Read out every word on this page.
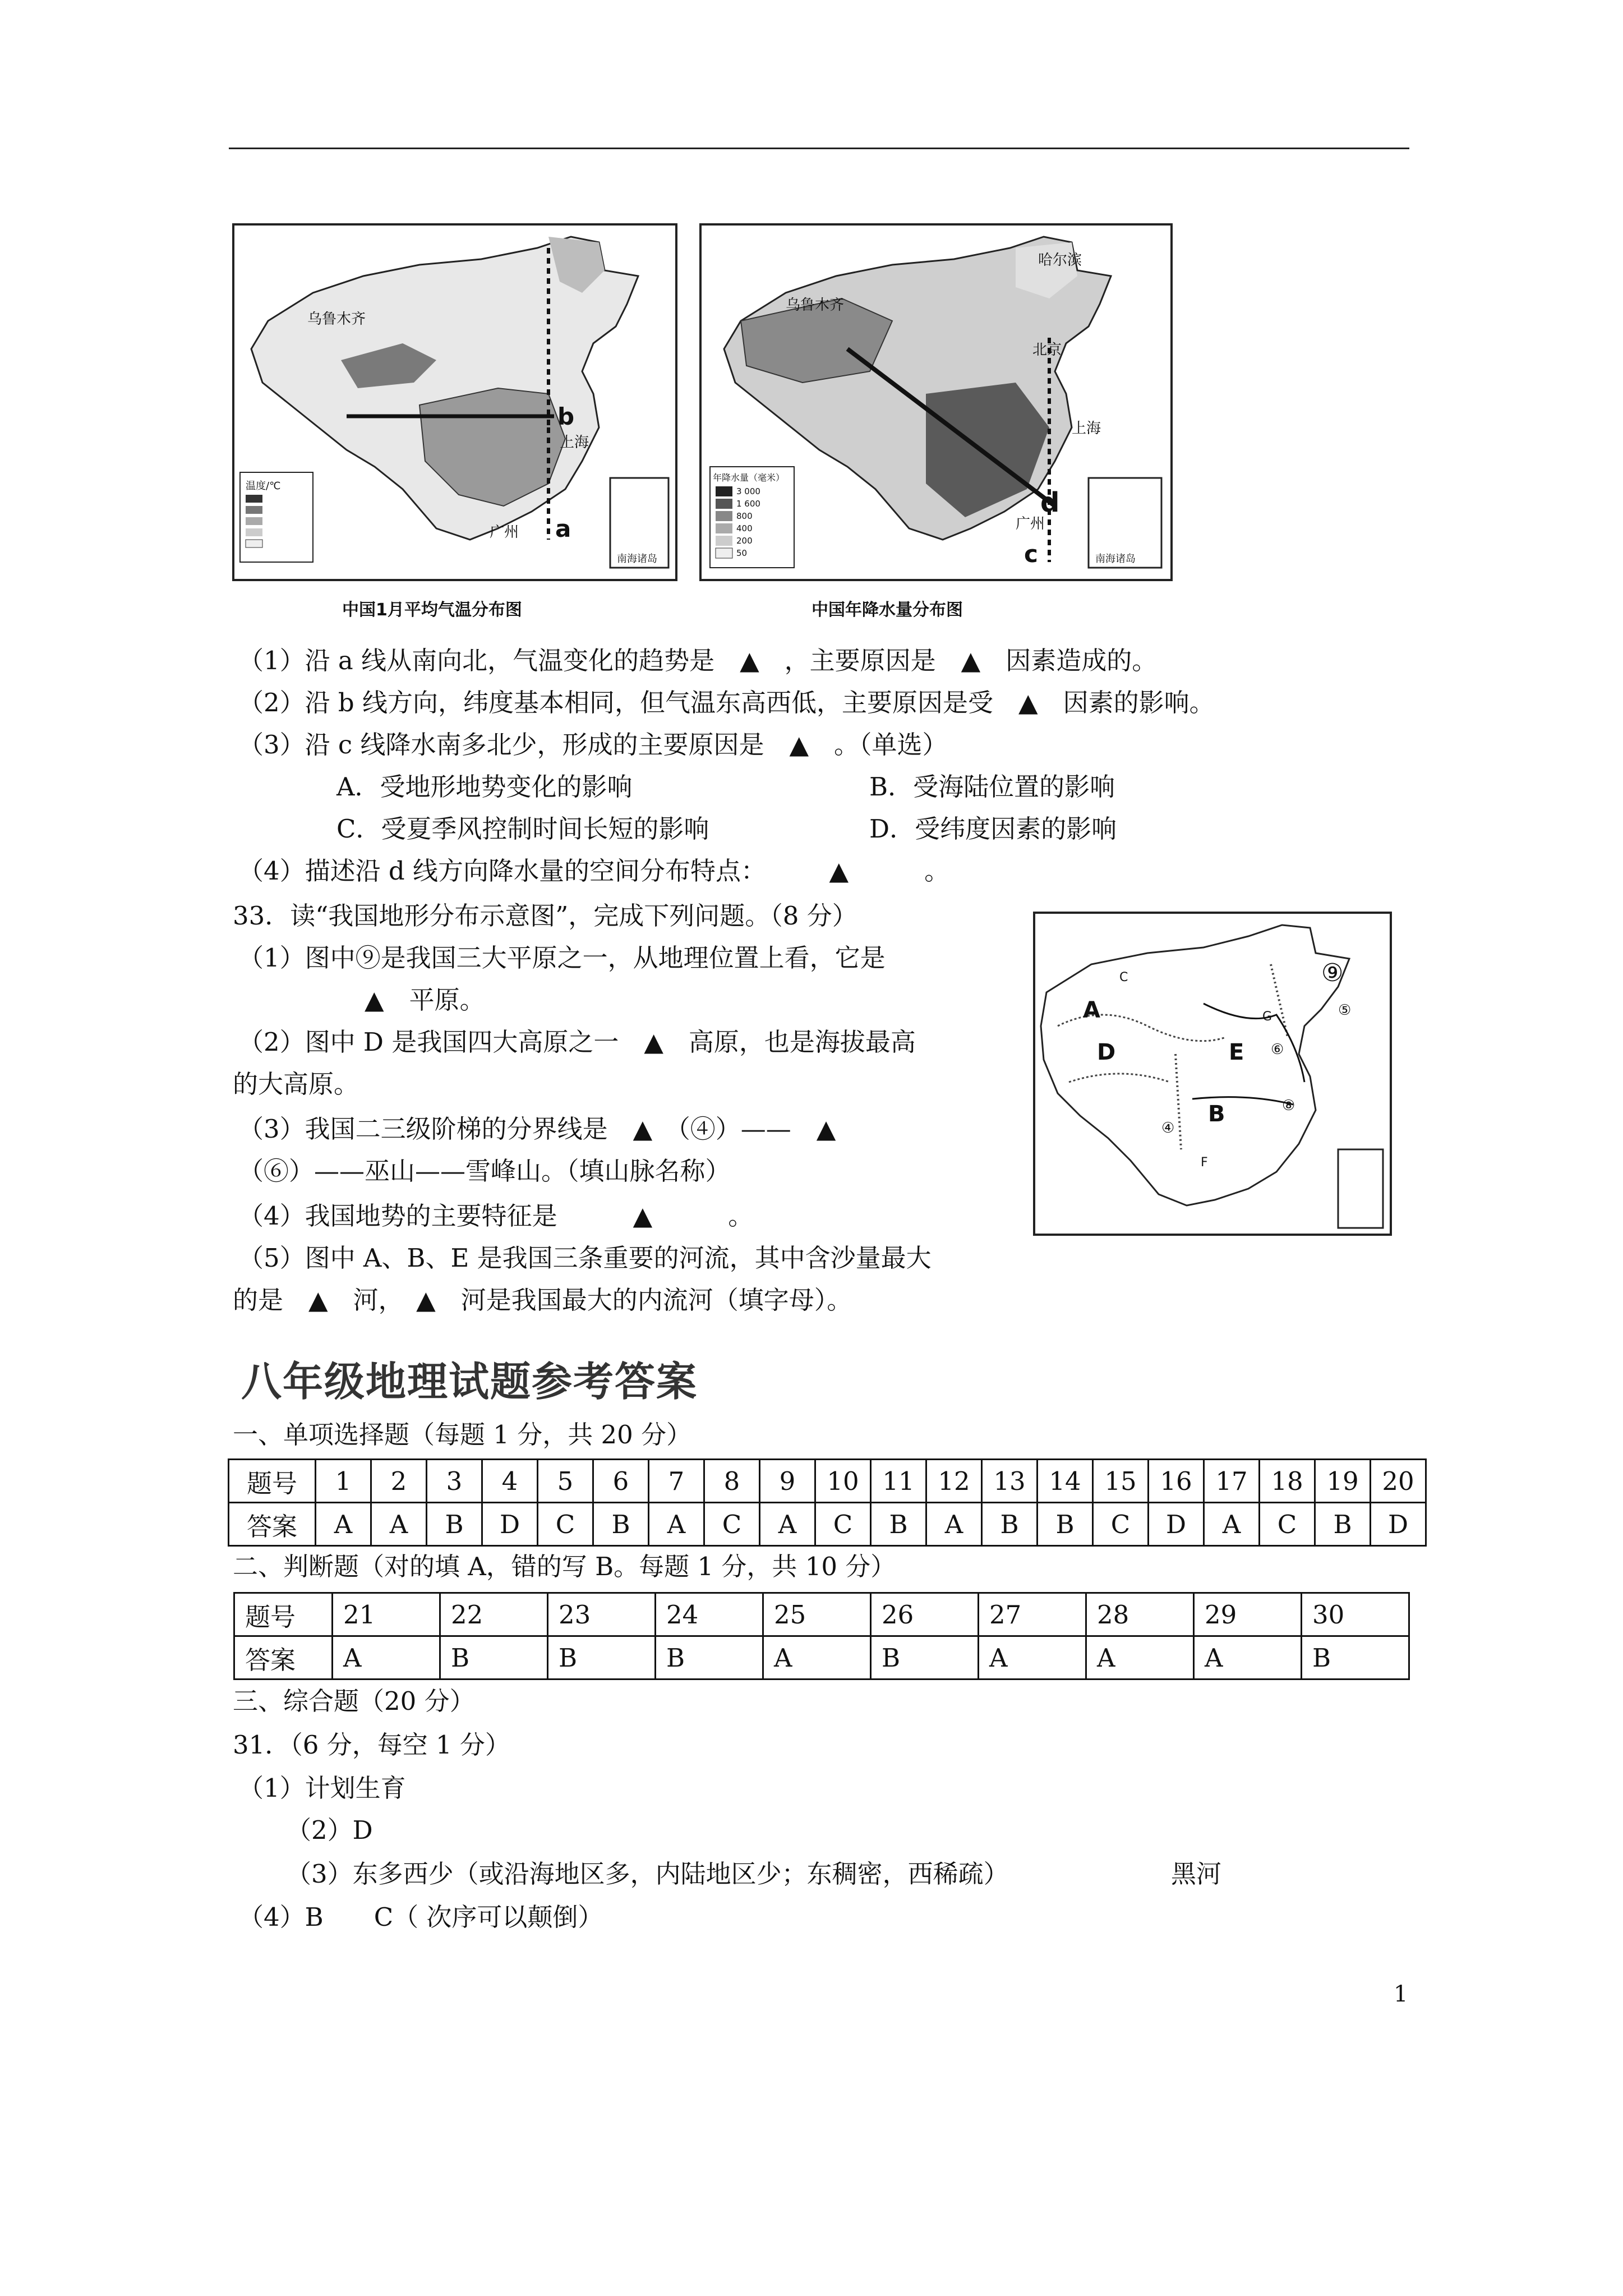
温度/℃
乌鲁木齐
上海
广州 a
b
南海诸岛
年降水量（毫米）
3 000
1 600
800
400
200
50
乌鲁木齐
哈尔滨
上海
北京
广州
c
d
南海诸岛
中国1月平均气温分布图	中国年降水量分布图
（1）沿 a 线从南向北，气温变化的趋势是　▲　，主要原因是　▲　因素造成的。
（2）沿 b 线方向，纬度基本相同，但气温东高西低，主要原因是受　▲　因素的影响。
（3）沿 c 线降水南多北少，形成的主要原因是　▲　。（单选）
A．受地形地势变化的影响	B．受海陆位置的影响
C．受夏季风控制时间长短的影响	D．受纬度因素的影响
（4）描述沿 d 线方向降水量的空间分布特点：　　　▲　　　。
33．读“我国地形分布示意图”，完成下列问题。（8 分）
（1）图中⑨是我国三大平原之一，从地理位置上看，它是
▲　平原。
（2）图中 D 是我国四大高原之一　▲　高原，也是海拔最高
的大高原。
（3）我国二三级阶梯的分界线是　▲　（④）——　▲
（⑥）——巫山——雪峰山。（填山脉名称）
（4）我国地势的主要特征是　　　▲　　　。
（5）图中 A、B、E 是我国三条重要的河流，其中含沙量最大
的是　▲　河，　▲　河是我国最大的内流河（填字母）。
A
B
C
D	E
F
G
⑨
④
⑤
⑥
⑧
八年级地理试题参考答案
一、单项选择题（每题 1 分，共 20 分）
题号	1	2	3	4	5	6	7	8	9	10	11	12	13	14	15	16	17	18	19	20
答案	A	A	B	D	C	B	A	C	A	C	B	A	B	B	C	D	A	C	B	D
二、判断题（对的填 A，错的写 B。每题 1 分，共 10 分）
题号	21	22	23	24	25	26	27	28	29	30
答案	A	B	B	B	A	B	A	A	A	B
三、综合题（20 分）
31．（6 分，每空 1 分）
（1）计划生育
（2）D
（3）东多西少（或沿海地区多，内陆地区少；东稠密，西稀疏）	黑河
（4）B　　C（ 次序可以颠倒）
1
